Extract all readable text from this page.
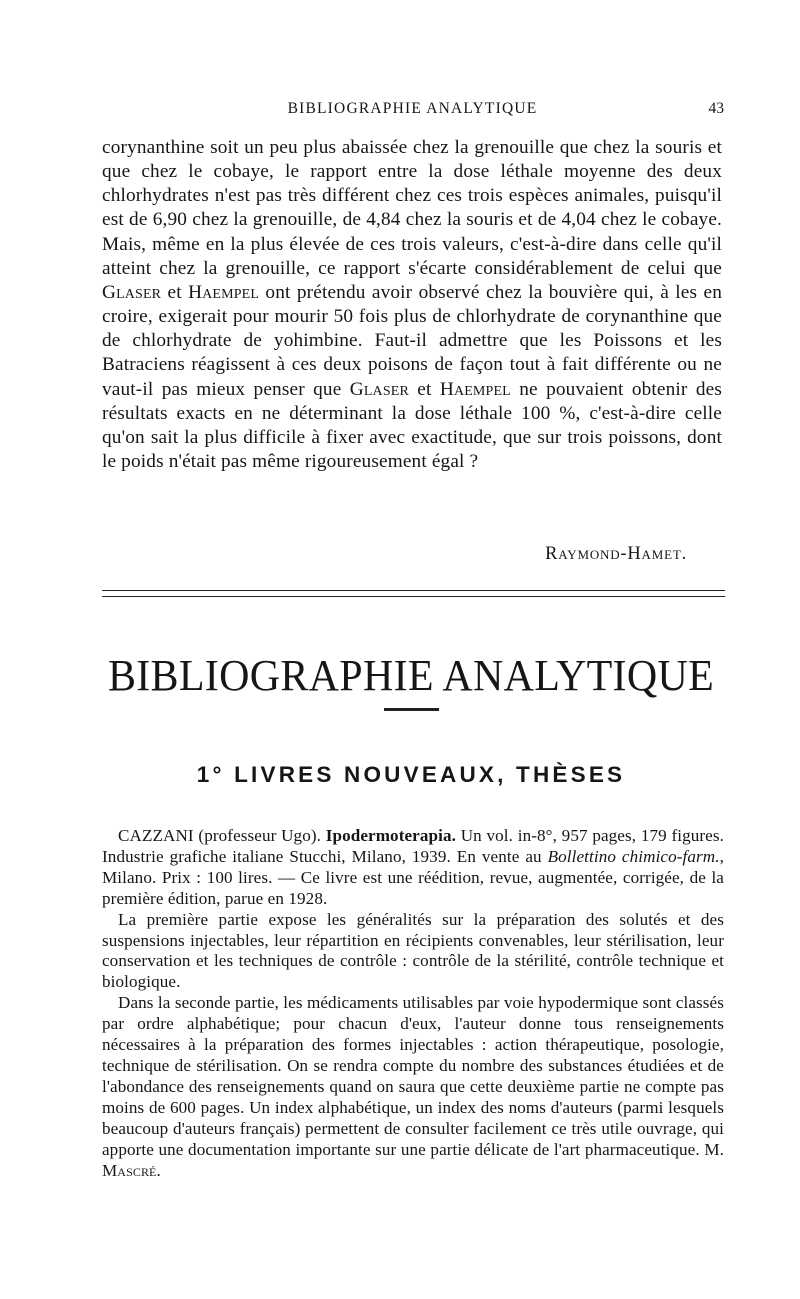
BIBLIOGRAPHIE ANALYTIQUE	43

corynanthine soit un peu plus abaissée chez la grenouille que chez la souris et que chez le cobaye, le rapport entre la dose léthale moyenne des deux chlorhydrates n'est pas très différent chez ces trois espèces animales, puisqu'il est de 6,90 chez la grenouille, de 4,84 chez la souris et de 4,04 chez le cobaye. Mais, même en la plus élevée de ces trois valeurs, c'est-à-dire dans celle qu'il atteint chez la grenouille, ce rapport s'écarte considérablement de celui que Glaser et Haempel ont prétendu avoir observé chez la bouvière qui, à les en croire, exigerait pour mourir 50 fois plus de chlorhydrate de corynanthine que de chlorhydrate de yohimbine. Faut-il admettre que les Poissons et les Batraciens réagissent à ces deux poisons de façon tout à fait différente ou ne vaut-il pas mieux penser que Glaser et Haempel ne pouvaient obtenir des résultats exacts en ne déterminant la dose léthale 100 %, c'est-à-dire celle qu'on sait la plus difficile à fixer avec exactitude, que sur trois poissons, dont le poids n'était pas même rigoureusement égal ?

Raymond-Hamet.
BIBLIOGRAPHIE ANALYTIQUE
1° LIVRES NOUVEAUX, THÈSES

CAZZANI (professeur Ugo). Ipodermoterapia. Un vol. in-8°, 957 pages, 179 figures. Industrie grafiche italiane Stucchi, Milano, 1939. En vente au Bollettino chimico-farm., Milano. Prix : 100 lires. — Ce livre est une réédition, revue, augmentée, corrigée, de la première édition, parue en 1928.

La première partie expose les généralités sur la préparation des solutés et des suspensions injectables, leur répartition en récipients convenables, leur stérilisation, leur conservation et les techniques de contrôle : contrôle de la stérilité, contrôle technique et biologique.

Dans la seconde partie, les médicaments utilisables par voie hypodermique sont classés par ordre alphabétique; pour chacun d'eux, l'auteur donne tous renseignements nécessaires à la préparation des formes injectables : action thérapeutique, posologie, technique de stérilisation. On se rendra compte du nombre des substances étudiées et de l'abondance des renseignements quand on saura que cette deuxième partie ne compte pas moins de 600 pages. Un index alphabétique, un index des noms d'auteurs (parmi lesquels beaucoup d'auteurs français) permettent de consulter facilement ce très utile ouvrage, qui apporte une documentation importante sur une partie délicate de l'art pharmaceutique. M. Mascré.
